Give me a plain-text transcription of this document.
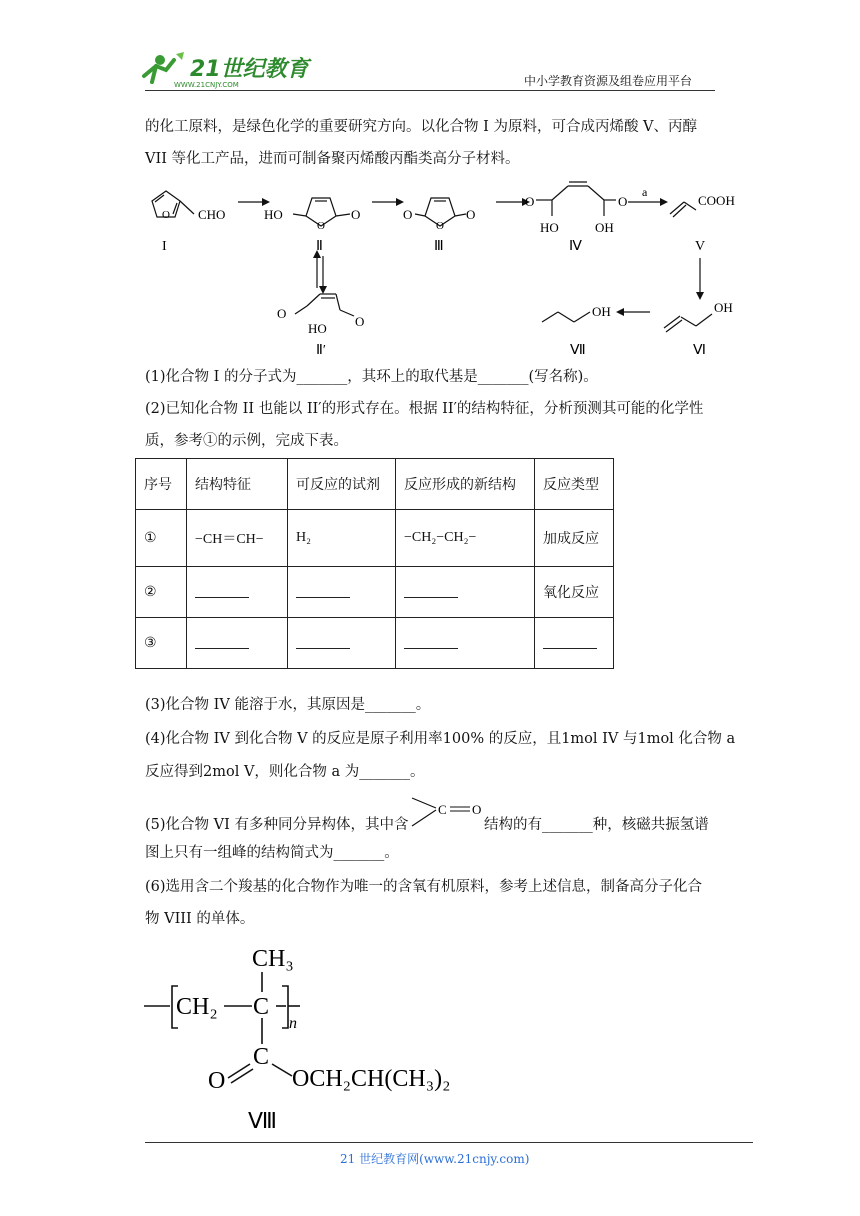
21世纪教育
WWW.21CNJY.COM	中小学教育资源及组卷应用平台
的化工原料，是绿色化学的重要研究方向。以化合物 I 为原料，可合成丙烯酸 V、丙醇
VII 等化工产品，进而可制备聚丙烯酸丙酯类高分子材料。
O CHO	HO
O
O	O
O
O
O	O
HO	OH
a
COOH
OH
OH
O
HO O
I	Ⅱ	Ⅲ	Ⅳ	V
Ⅵ
Ⅶ
Ⅱ′
(1)化合物 I 的分子式为_______，其环上的取代基是_______(写名称)。
(2)已知化合物 II 也能以 II′的形式存在。根据 II′的结构特征，分析预测其可能的化学性
质，参考①的示例，完成下表。
序号	结构特征	可反应的试剂	反应形成的新结构	反应类型
①	−CH＝CH−	H₂	−CH₂−CH₂−	加成反应
②				氧化反应
③				
(3)化合物 IV 能溶于水，其原因是_______。
(4)化合物 IV 到化合物 V 的反应是原子利用率100% 的反应，且1mol IV 与1mol 化合物 a
反应得到2mol V，则化合物 a 为_______。
(5)化合物 VI 有多种同分异构体，其中含
C O
结构的有_______种，核磁共振氢谱
图上只有一组峰的结构简式为_______。
(6)选用含二个羧基的化合物作为唯一的含氧有机原料，参考上述信息，制备高分子化合
物 VIII 的单体。
CH₃
CH₂ C
n
C
O	OCH₂CH(CH₃)₂
Ⅷ
21 世纪教育网(www.21cnjy.com)
